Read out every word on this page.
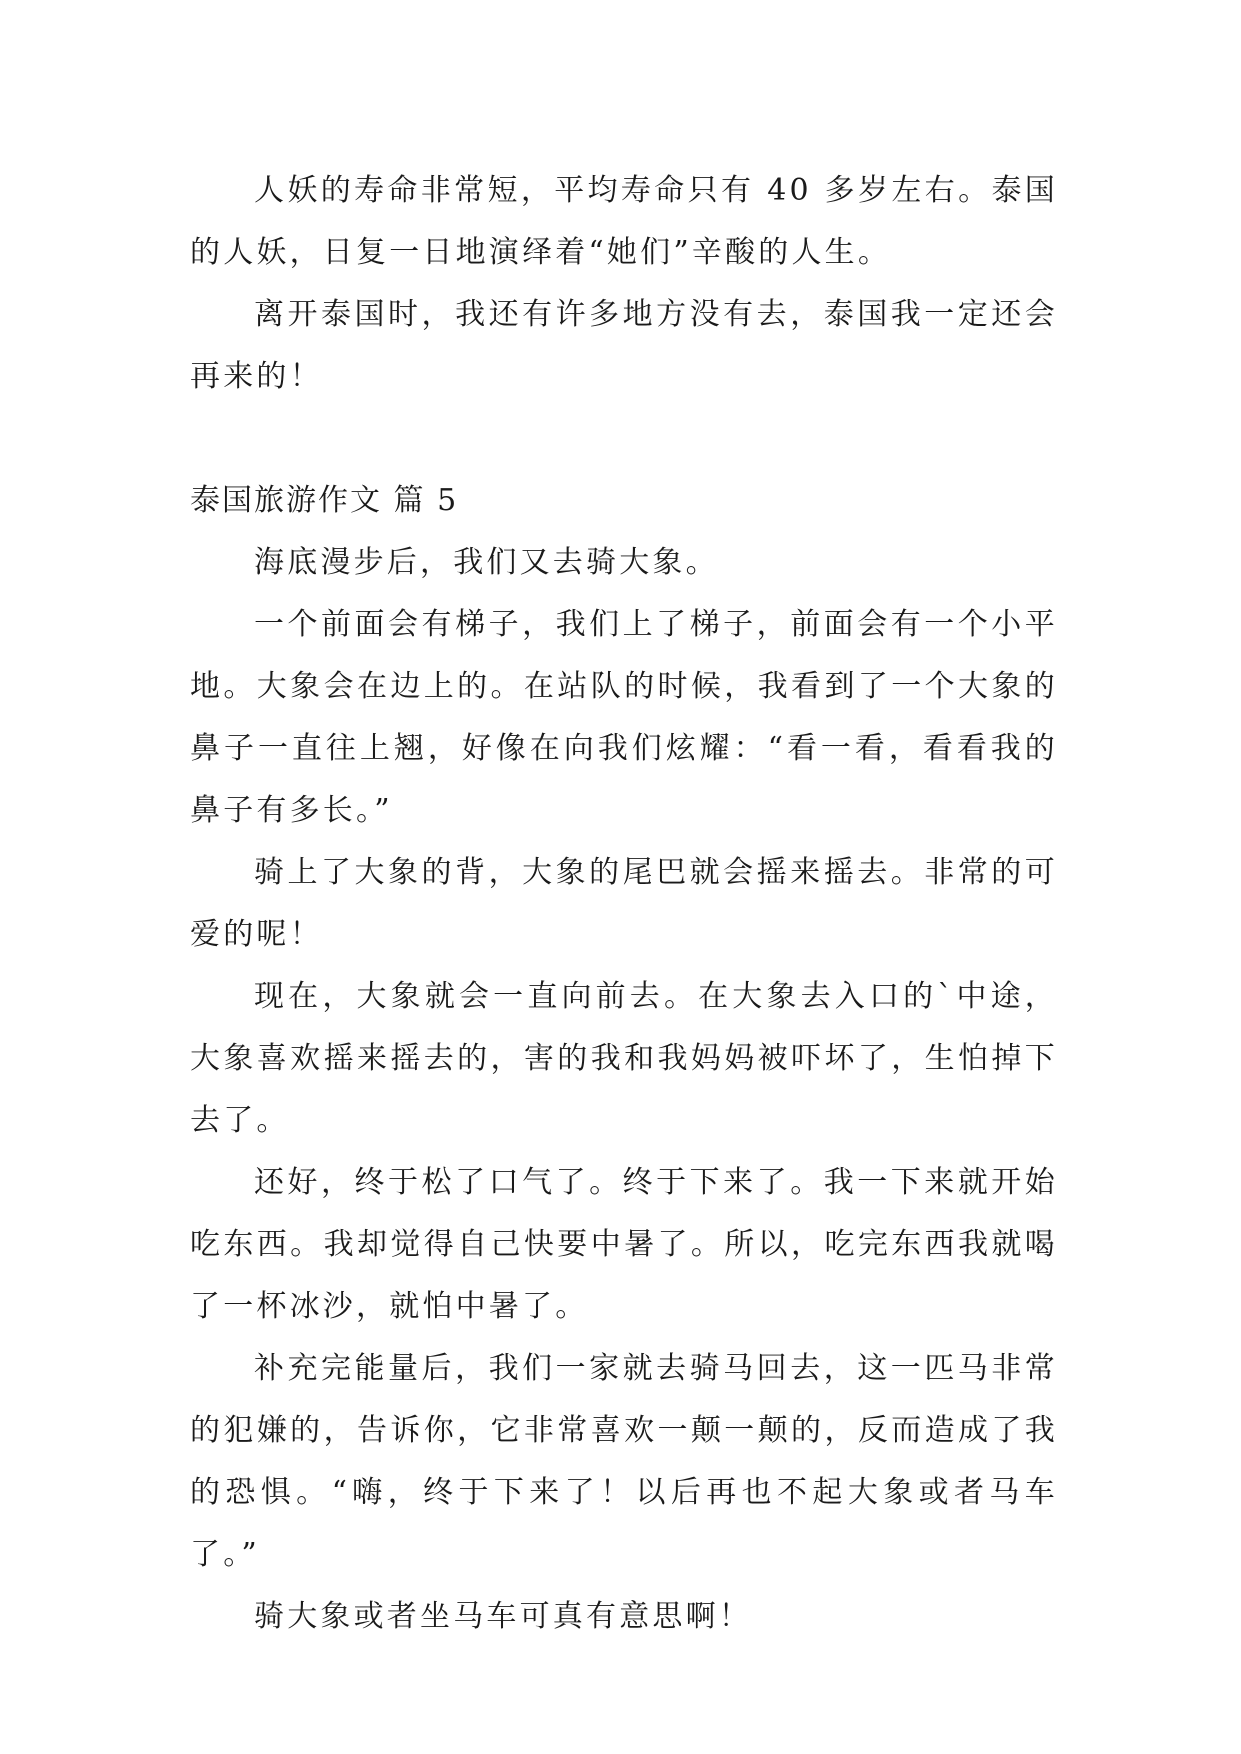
人妖的寿命非常短，平均寿命只有 40 多岁左右。泰国的人妖，日复一日地演绎着“她们”辛酸的人生。

离开泰国时，我还有许多地方没有去，泰国我一定还会再来的！

泰国旅游作文 篇 5

海底漫步后，我们又去骑大象。

一个前面会有梯子，我们上了梯子，前面会有一个小平地。大象会在边上的。在站队的时候，我看到了一个大象的鼻子一直往上翘，好像在向我们炫耀：“看一看，看看我的鼻子有多长。”

骑上了大象的背，大象的尾巴就会摇来摇去。非常的可爱的呢！

现在，大象就会一直向前去。在大象去入口的`中途，大象喜欢摇来摇去的，害的我和我妈妈被吓坏了，生怕掉下去了。

还好，终于松了口气了。终于下来了。我一下来就开始吃东西。我却觉得自己快要中暑了。所以，吃完东西我就喝了一杯冰沙，就怕中暑了。

补充完能量后，我们一家就去骑马回去，这一匹马非常的犯嫌的，告诉你，它非常喜欢一颠一颠的，反而造成了我的恐惧。“嗨，终于下来了！以后再也不起大象或者马车了。”

骑大象或者坐马车可真有意思啊！
